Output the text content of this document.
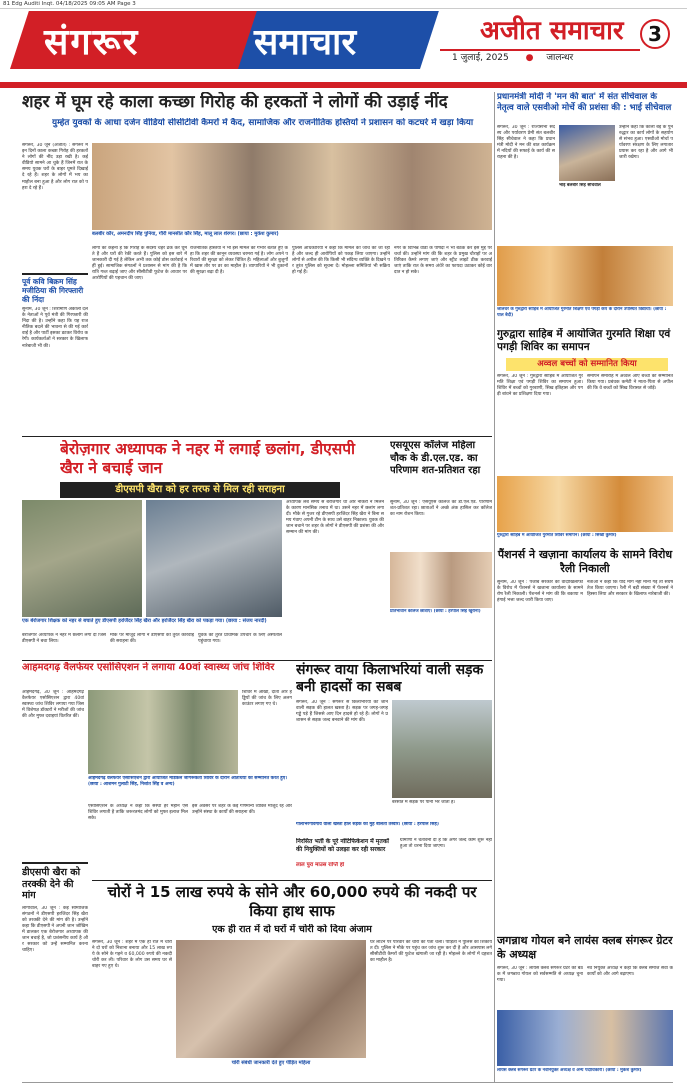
81 Edg Auditi Inqt. 04/18/2025 09:05 AM Page 3
संगरूर	समाचार	अजीत समाचार	3
1 जुलाई, 2025 ● जालन्धर
शहर में घूम रहे काला कच्छा गिरोह की हरकतों ने लोगों की उड़ाई नींद
युम्हेत युवकों के आधा दर्जन वीडियो सीसीटीवी कैमरों में कैद, सामाजिक और राजनीतिक हस्तियों ने प्रशासन को कटघरे में खड़ा किया
संगरूर, 30 जून (अजीत) : संगरूर में इन दिनों काला कच्छा गिरोह की हरकतों ने लोगों की नींद उड़ा रखी है। कई वीडियो सामने आ चुके हैं जिनमें रात के समय युवक घरों के बाहर घूमते दिखाई दे रहे हैं। शहर के लोगों में भय का माहौल बना हुआ है और लोग रात को पहरा दे रहे हैं।
बलबीर कौर, अमनदीप सिंह पुनिया, गौरी मानसीत कौर सिंह, मालू लाल शेरगर। (छाया : मुकेश कुमार)
लोगों का कहना है कि गिरोह के सदस्य चेहरे ढंक कर घूमते हैं और घरों की रेकी करते हैं। पुलिस को इस बारे में जानकारी दी गई है लेकिन अभी तक कोई ठोस कार्रवाई नहीं हुई। सामाजिक संगठनों ने प्रशासन से मांग की है कि रात्रि गश्त बढ़ाई जाए और सीसीटीवी फुटेज के आधार पर आरोपियों की पहचान की जाए।
राजनीतिक हस्तियों ने भी इस मामले को गंभीर बताते हुए कहा कि शहर की कानून व्यवस्था चरमरा गई है। लोग अपने परिवारों की सुरक्षा को लेकर चिंतित हैं। महिलाओं और बुजुर्गों में खास तौर पर डर का माहौल है। व्यापारियों ने भी दुकानों की सुरक्षा बढ़ा दी है।
पुलिस अधिकारियों ने कहा कि मामले की जांच की जा रही है और जल्द ही आरोपियों को पकड़ लिया जाएगा। उन्होंने लोगों से अपील की कि किसी भी संदिग्ध व्यक्ति के दिखने पर तुरंत पुलिस को सूचना दें। मोहल्ला समितियां भी सक्रिय हो गई हैं।
नगर के विभिन्न वार्डों के पार्षदों ने भी बैठक कर इस मुद्दे पर चर्चा की। उन्होंने मांग की कि शहर के प्रमुख चौराहों पर अतिरिक्त कैमरे लगाए जाएं और स्ट्रीट लाइटें ठीक करवाई जाएं ताकि रात के समय अंधेरे का फायदा उठाकर कोई वारदात न हो सके।
पूर्व कवि बिक्रम सिंह मजीठिया की गिरफ्तारी की निंदा
सुनाम, 30 जून : शिरोमणि अकाली दल के नेताओं ने पूर्व मंत्री की गिरफ्तारी की निंदा की है। उन्होंने कहा कि यह राजनीतिक बदले की भावना से की गई कार्रवाई है और पार्टी इसका डटकर विरोध करेगी। कार्यकर्ताओं ने सरकार के खिलाफ नारेबाजी भी की।
बेरोज़गार अध्यापक ने नहर में लगाई छलांग, डीएसपी खैरा ने बचाई जान
डीएसपी खैरा को हर तरफ से मिल रही सराहना
एक बेरोजगार शिक्षक को नहर से बचाते हुए डीएसपी हरजिंदर सिंह खैरा और हरजिंदर सिंह खैरा को पकड़ा गया। (छाया : संजय नारदी)
बेरोजगार अध्यापक ने नहर में छलांग लगा दी जिसे डीएसपी ने बचा लिया।
मौके पर मौजूद लोगों ने डीएसपी की तुरंत कार्रवाई की सराहना की।
युवक को तुरंत प्राथमिक उपचार के लिए अस्पताल पहुंचाया गया।
अध्यापक लंबे समय से बेरोजगार था और नौकरी न मिलने के कारण मानसिक तनाव में था। उसने नहर में छलांग लगा दी। मौके से गुजर रहे डीएसपी हरजिंदर सिंह खैरा ने बिना समय गंवाए अपनी टीम के साथ उसे बाहर निकाला। युवक की जान बचाने पर शहर के लोगों ने डीएसपी की प्रशंसा की और सम्मान की मांग की।
एसयूएस कॉलेज महिला चौक के डी.एल.एड. का परिणाम शत-प्रतिशत रहा
सुनाम, 30 जून : एसयूएस कॉलेज का डी.एल.एड. परिणाम शत-प्रतिशत रहा। छात्राओं ने अच्छे अंक हासिल कर कॉलेज का नाम रोशन किया।
प्रतिभावान कॉलेज छात्राएं। (छाया : हरपाल सिंह खुराना)
प्रधानमंत्री मोदी ने 'मन की बात' में संत सीचेवाल के नेतृत्व वाले एसवीओ मोर्चे की प्रशंसा की : भाई सीचेवाल
संगरूर, 30 जून : राज्यसभा सदस्य और पर्यावरण प्रेमी संत बलबीर सिंह सीचेवाल ने कहा कि प्रधानमंत्री मोदी ने मन की बात कार्यक्रम में नदियों की सफाई के कार्य की सराहना की है।
भाई बलबीर सिंह सीचेवाल
उन्होंने कहा कि काली बेईं के पुनरुद्धार का कार्य लोगों के सहयोग से संभव हुआ। एसवीओ मोर्चा पर्यावरण संरक्षण के लिए लगातार प्रयास कर रहा है और आगे भी जारी रखेगा।
जालंधर के गुरुद्वारा साहिब में आयोजित गुरमति शिक्षण एवं पगड़ी कैंप के दौरान उपस्थित विद्यार्थी। (छाया : पाल बेदी)
गुरुद्वारा साहिब में आयोजित गुरमति शिक्षा एवं पगड़ी शिविर का समापन
अव्वल बच्चों को सम्मानित किया
संगरूर, 30 जून : गुरुद्वारा साहिब में आयोजित गुरमति शिक्षा एवं पगड़ी शिविर का समापन हुआ। शिविर में बच्चों को गुरबाणी, सिख इतिहास और पगड़ी बांधने का प्रशिक्षण दिया गया।
समापन समारोह में अव्वल आए बच्चों को सम्मानित किया गया। प्रबंधक कमेटी ने माता-पिता से अपील की कि वे बच्चों को सिख विरासत से जोड़ें।
गुरुद्वारा साहिब में आयोजित गुरमति शिविर समापन। (छाया : सिखी कुमार)
पैंशनर्स ने खज़ाना कार्यालय के सामने विरोध रैली निकाली
सुनाम, 30 जून : पंजाब सरकार की वादाखिलाफी के विरोध में पेंशनर्स ने खजाना कार्यालय के सामने रोष रैली निकाली। पेंशनर्स ने मांग की कि बकाया महंगाई भत्ता जल्द जारी किया जाए।
नेताओं ने कहा कि यदि मांगें नहीं मानी गईं तो संघर्ष तेज किया जाएगा। रैली में बड़ी संख्या में पेंशनर्स ने हिस्सा लिया और सरकार के खिलाफ नारेबाजी की।
जगन्नाथ गोयल बने लायंस क्लब संगरूर ग्रेटर के अध्यक्ष
संगरूर, 30 जून : लायंस क्लब संगरूर ग्रेटर की बैठक में जगन्नाथ गोयल को सर्वसम्मति से अध्यक्ष चुना गया।
नव नियुक्त अध्यक्ष ने कहा कि क्लब समाज सेवा के कार्यों को और आगे बढ़ाएगा।
लायंस क्लब संगरूर ग्रेटर के नवनियुक्त अध्यक्ष व अन्य पदाधिकारी। (छाया : मुकेश कुमार)
आहमदगढ़ वैलफेयर एसोसिएशन ने लगाया 40वां स्वास्थ्य जांच शिविर
आहमदगढ़, 30 जून : आहमदगढ़ वैलफेयर एसोसिएशन द्वारा 40वां स्वास्थ्य जांच शिविर लगाया गया जिसमें विशेषज्ञ डॉक्टरों ने मरीजों की जांच की और मुफ्त दवाइयां वितरित कीं।
शिविर में आंखों, दांतों और हड्डियों की जांच के लिए अलग काउंटर लगाए गए थे।
आहमदगढ़ वैलफेयर एसोसिएशन द्वारा आयोजित मेडिकल जागरूकता शिविर के दौरान अतिथियों को सम्मानित करते हुए। (छाया : आशमन गुलाटी सिंह, निशांत सिंह व अन्य)
एसोसिएशन के अध्यक्ष ने कहा कि संस्था हर महीने ऐसे शिविर लगाती है ताकि जरूरतमंद लोगों को मुफ्त इलाज मिल सके।
इस अवसर पर शहर के कई गणमान्य व्यक्ति मौजूद रहे और उन्होंने संस्था के कार्यों की सराहना की।
संगरूर वाया किलाभरियां वाली सड़क बनी हादसों का सबब
संगरूर, 30 जून : संगरूर से किलाभरियां को जाने वाली सड़क की हालत खस्ता है। सड़क पर जगह-जगह गड्ढे पड़े हैं जिससे आए दिन हादसे हो रहे हैं। लोगों ने प्रशासन से सड़क जल्द बनवाने की मांग की।
गीलाभरेगांवगाँव वाली खस्ता हाल सड़क की मुंह बोलती तस्वीर। (छाया : हरपाल सिंह)
बरसात में सड़क पर पानी भर जाता है।
निरसित भर्ती के पूरे नोटिफिकेशन में मृतकों की नियुक्तियों को उलझा कर रही सरकार
लाल पुरा माउस राप्ति हो
ग्रामीणों ने चेतावनी दी है कि अगर जल्द काम शुरू नहीं हुआ तो धरना दिया जाएगा।
डीएसपी खैरा को तरक्की देने की मांग
लौंगोवाल, 30 जून : कई सामाजिक संगठनों ने डीएसपी हरजिंदर सिंह खैरा को तरक्की देने की मांग की है। उन्होंने कहा कि डीएसपी ने अपनी जान जोखिम में डालकर एक बेरोजगार अध्यापक की जान बचाई है, जो प्रशंसनीय कार्य है और सरकार को उन्हें सम्मानित करना चाहिए।
चोरों ने 15 लाख रुपये के सोने और 60,000 रुपये की नकदी पर किया हाथ साफ
एक ही रात में दो घरों में चोरी को दिया अंजाम
संगरूर, 30 जून : शहर में एक ही रात में चोरों ने दो घरों को निशाना बनाया और 15 लाख रुपये के सोने के गहने व 60,000 रुपये की नकदी चोरी कर ली। परिवार के लोग उस समय घर से बाहर गए हुए थे।
चोरी संबंधी जानकारी देते हुए पीड़ित महिला
घर लौटने पर परिवार को चोरी का पता चला। पीड़ितों ने पुलिस को शिकायत दी। पुलिस ने मौके पर पहुंच कर जांच शुरू कर दी है और आसपास लगे सीसीटीवी कैमरों की फुटेज खंगाली जा रही है। मोहल्ले के लोगों में दहशत का माहौल है।
